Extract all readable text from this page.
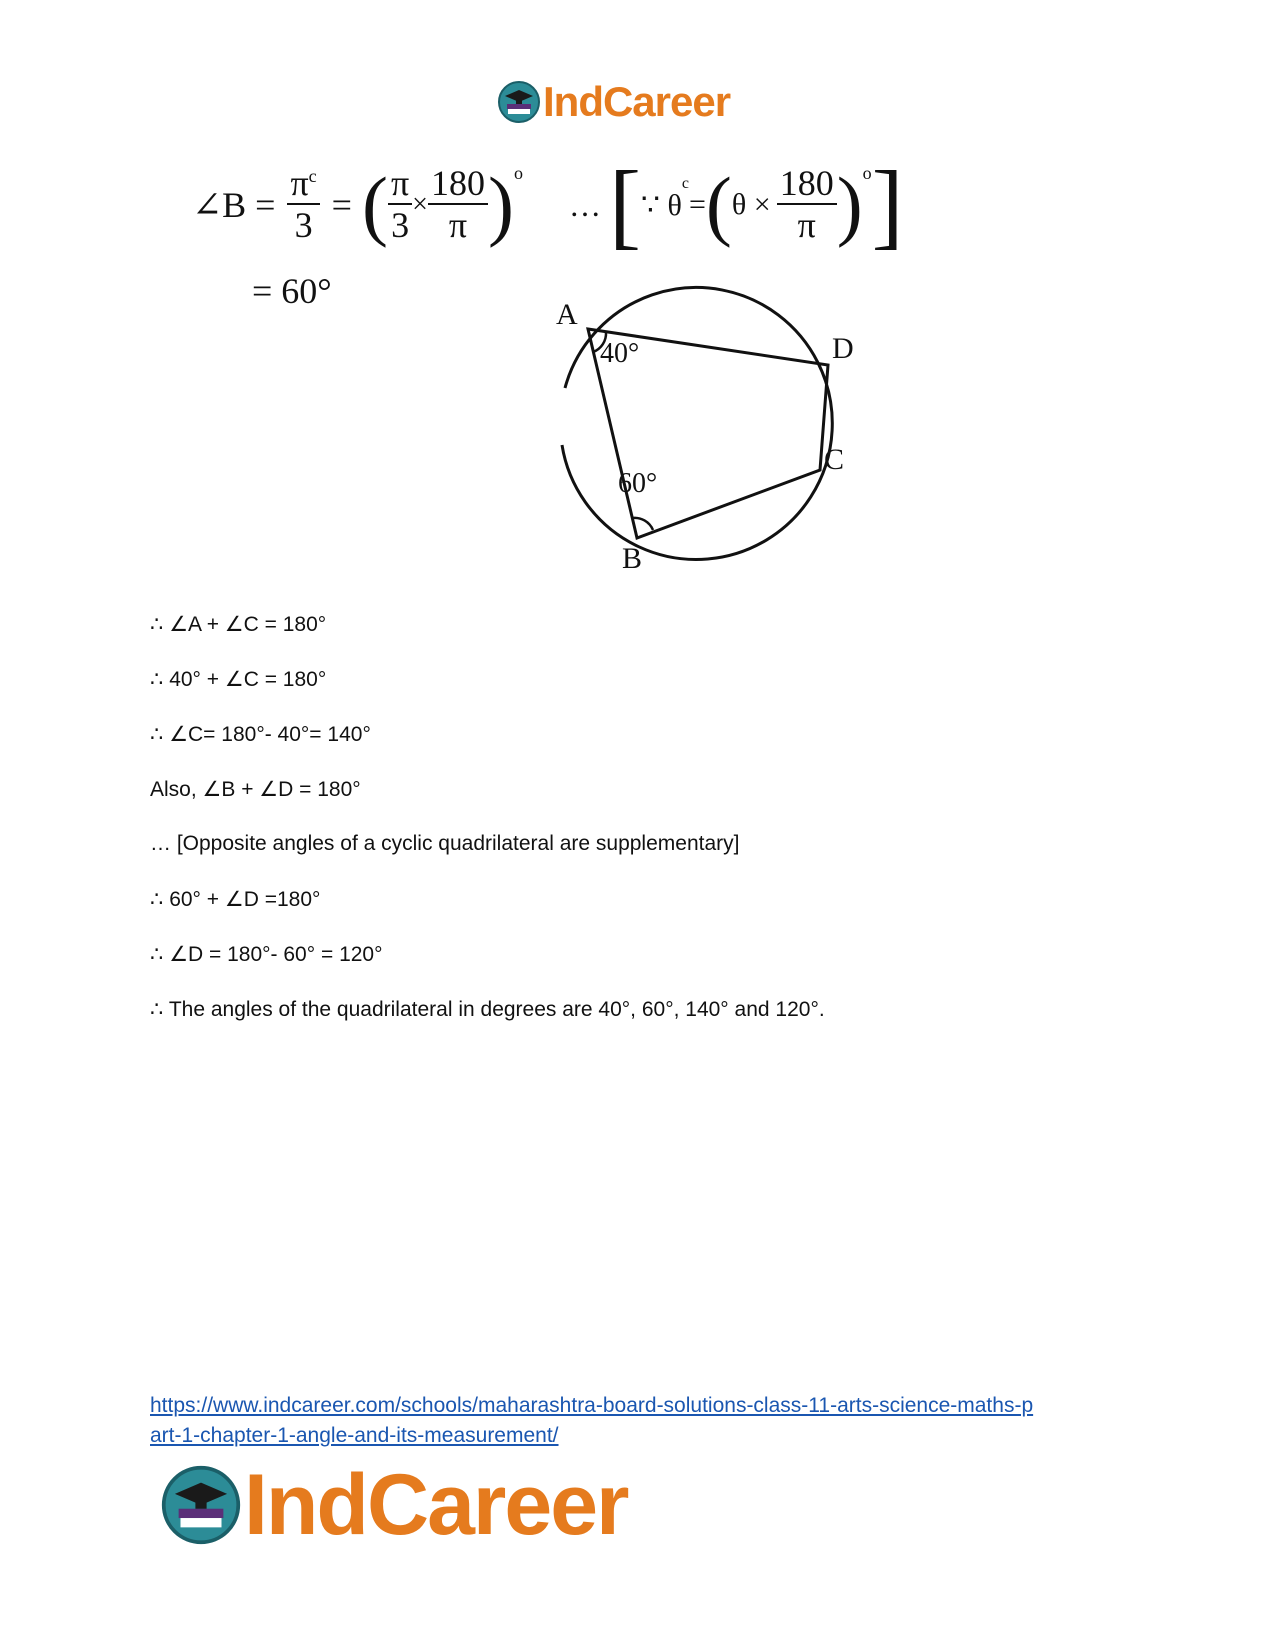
IndCareer
∠B = $\frac{\pi^c}{3}$ = ( $\frac{\pi}{3} \times \frac{180}{\pi} )^o$
… [ ∵ θ
$^c$
= ( $\theta \times \frac{180}{\pi} )^o$ ]
= 60°
A
D
C
B
40°
60°
∴ ∠A + ∠C = 180°
∴ 40° + ∠C = 180°
∴ ∠C= 180°- 40°= 140°
Also, ∠B + ∠D = 180°
… [Opposite angles of a cyclic quadrilateral are supplementary]
∴ 60° + ∠D =180°
∴ ∠D = 180°- 60° = 120°
∴ The angles of the quadrilateral in degrees are 40°, 60°, 140° and 120°.
https://www.indcareer.com/schools/maharashtra-board-solutions-class-11-arts-science-maths-p
art-1-chapter-1-angle-and-its-measurement/
IndCareer
